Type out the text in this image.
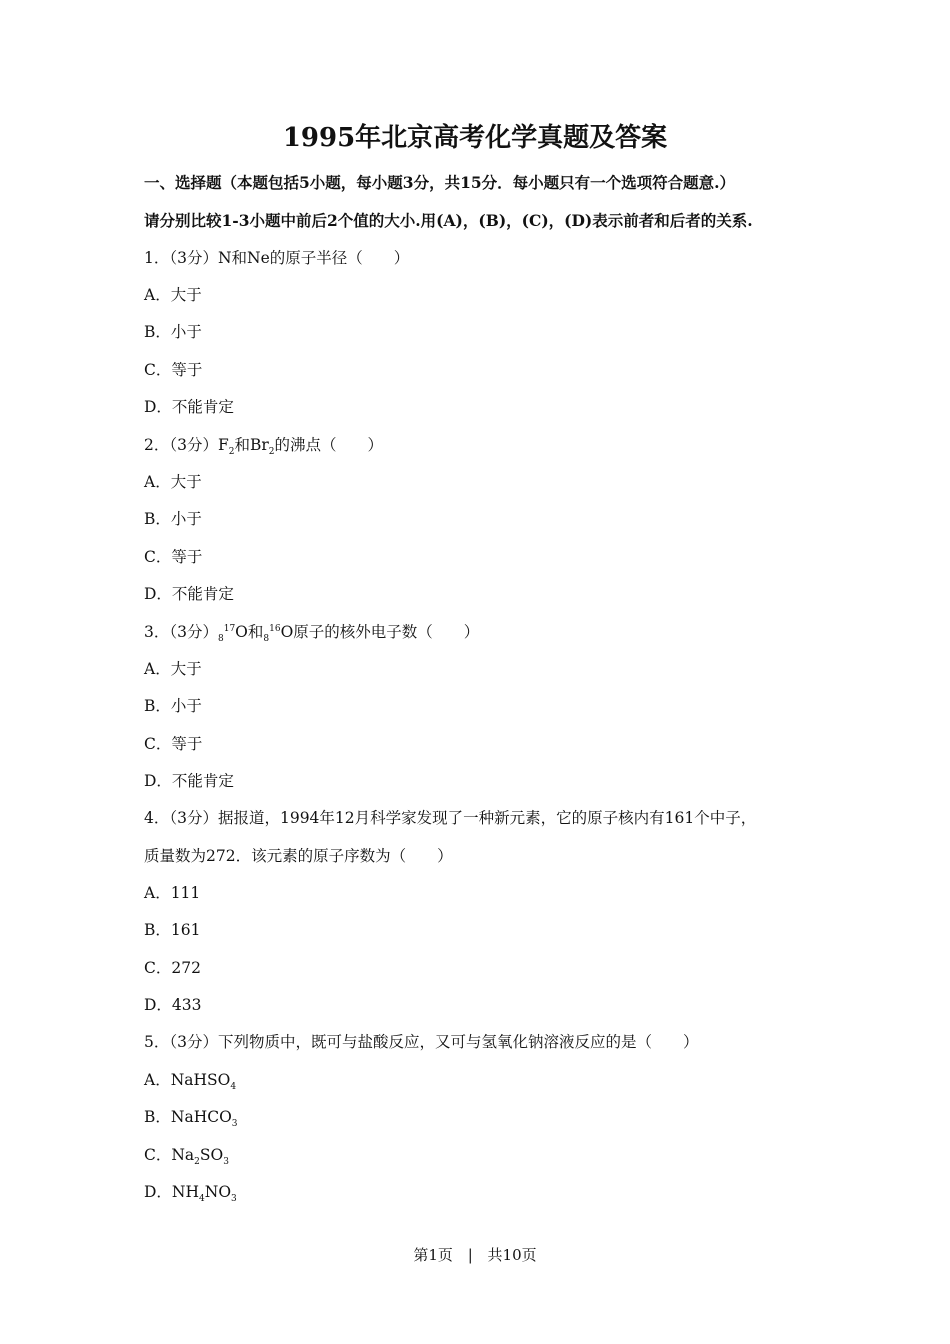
1995年北京高考化学真题及答案
一、选择题（本题包括5小题，每小题3分，共15分．每小题只有一个选项符合题意.）
请分别比较1-3小题中前后2个值的大小.用(A)，(B)，(C)，(D)表示前者和后者的关系.
1．（3分）N和Ne的原子半径（　　）
A．大于
B．小于
C．等于
D．不能肯定
2．（3分）$F_2$和$Br_2$的沸点（　　）
A．大于
B．小于
C．等于
D．不能肯定
3．（3分）$_8^{17}O$和$_8^{16}$O原子的核外电子数（　　）
A．大于
B．小于
C．等于
D．不能肯定
4．（3分）据报道，1994年12月科学家发现了一种新元素，它的原子核内有161个中子，
质量数为272．该元素的原子序数为（　　）
A．111
B．161
C．272
D．433
5．（3分）下列物质中，既可与盐酸反应，又可与氢氧化钠溶液反应的是（　　）
A．NaHSO$_4$
B．NaHCO$_3$
C．$Na_2SO_3$
D．$NH_4NO_3$
第1页 | 共10页
